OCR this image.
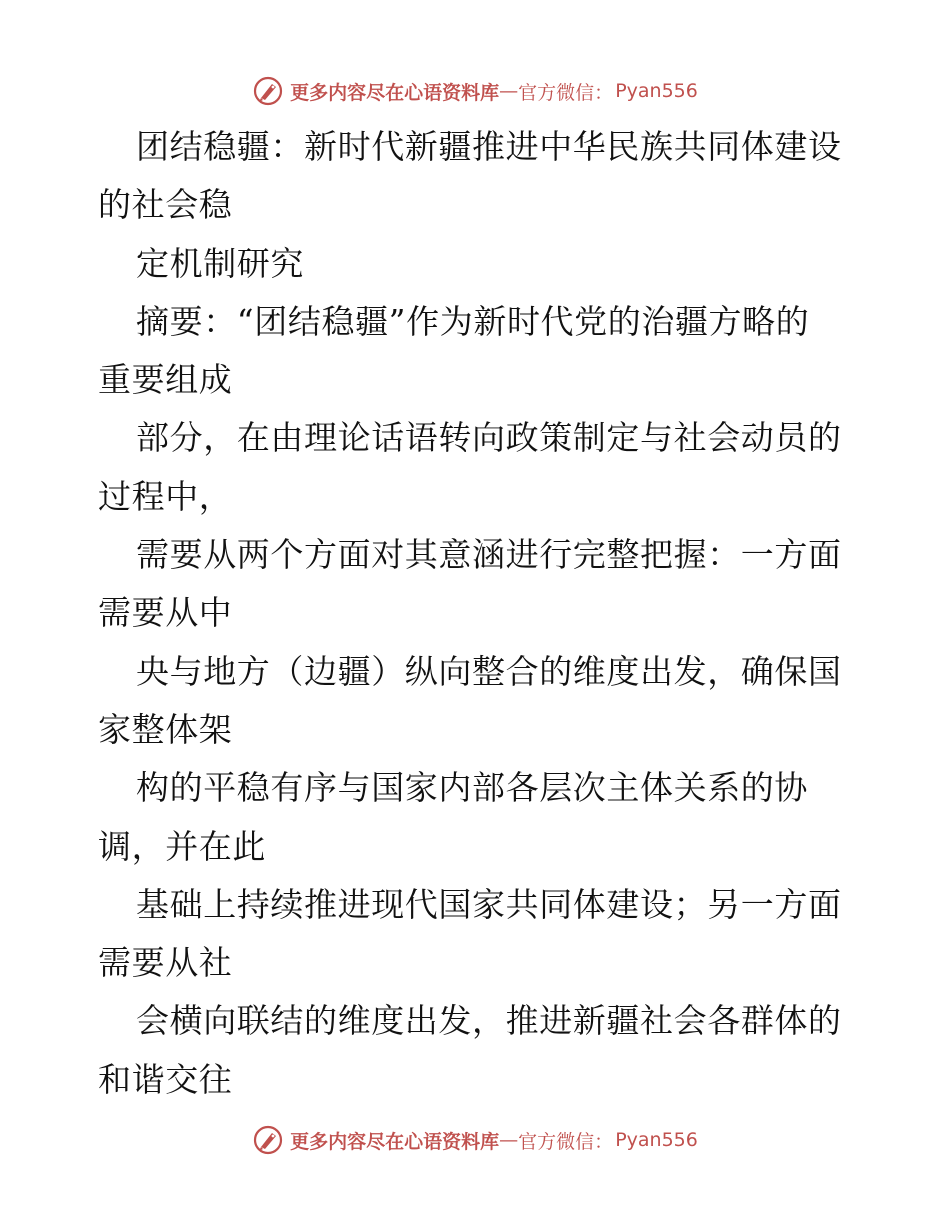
更多内容尽在心语资料库 — 官方微信： Pyan556
团结稳疆：新时代新疆推进中华民族共同体建设
的社会稳
定机制研究
摘要：“团结稳疆”作为新时代党的治疆方略的
重要组成
部分，在由理论话语转向政策制定与社会动员的
过程中，
需要从两个方面对其意涵进行完整把握：一方面
需要从中
央与地方（边疆）纵向整合的维度出发，确保国
家整体架
构的平稳有序与国家内部各层次主体关系的协
调，并在此
基础上持续推进现代国家共同体建设；另一方面
需要从社
会横向联结的维度出发，推进新疆社会各群体的
和谐交往
更多内容尽在心语资料库 — 官方微信： Pyan556
